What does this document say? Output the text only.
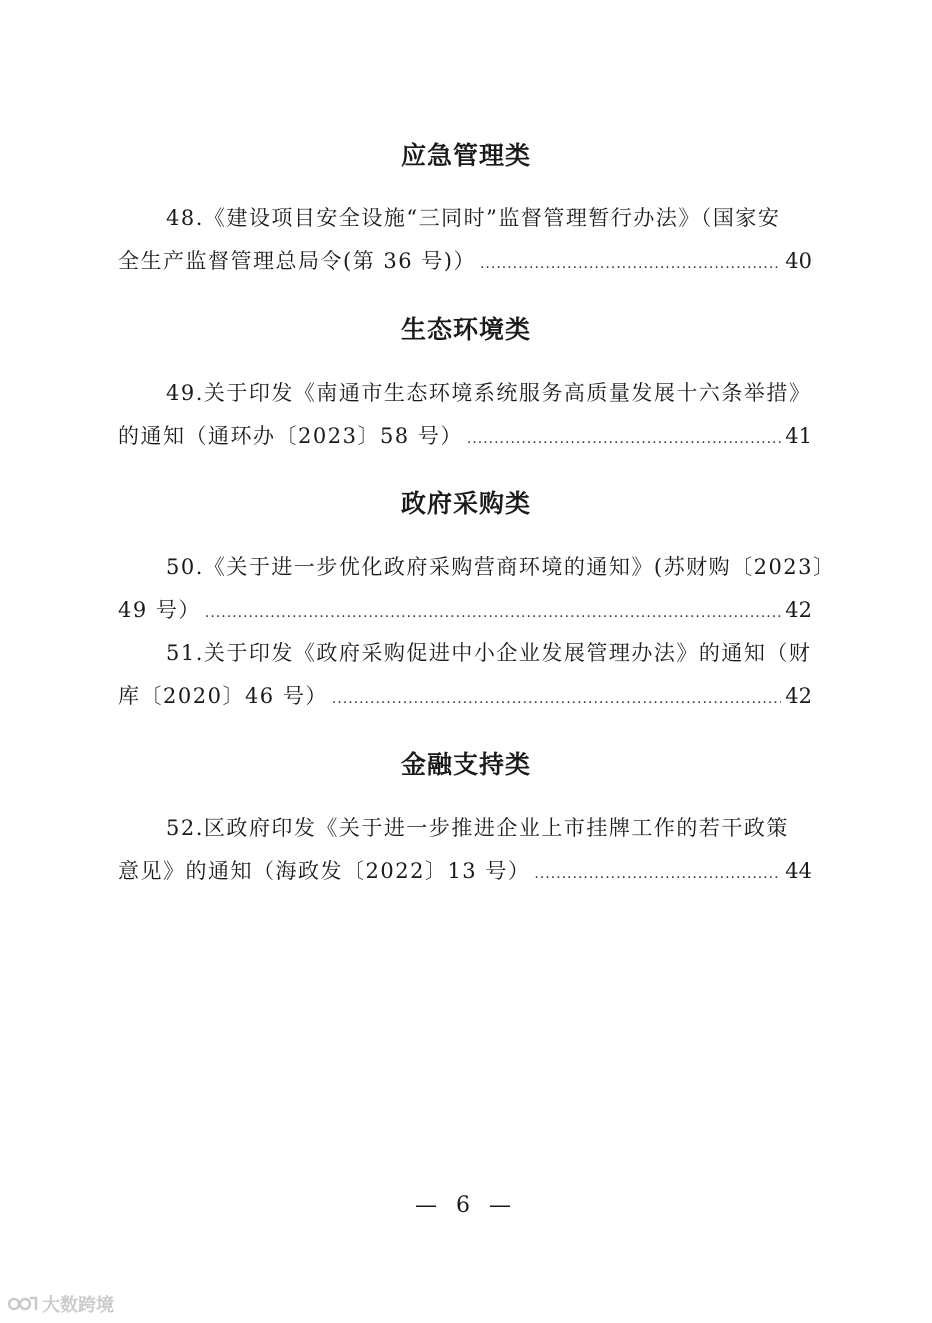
应急管理类
48.《建设项目安全设施“三同时”监督管理暂行办法》（国家安
全生产监督管理总局令(第 36 号)） .....	40
生态环境类
49.关于印发《南通市生态环境系统服务高质量发展十六条举措》
的通知（通环办〔2023〕58 号） .....	41
政府采购类
50.《关于进一步优化政府采购营商环境的通知》(苏财购〔2023〕
49 号） .....	42
51.关于印发《政府采购促进中小企业发展管理办法》的通知（财
库〔2020〕46 号） .....	42
金融支持类
52.区政府印发《关于进一步推进企业上市挂牌工作的若干政策
意见》的通知（海政发〔2022〕13 号） .....	44
— 6 —
大数跨境
